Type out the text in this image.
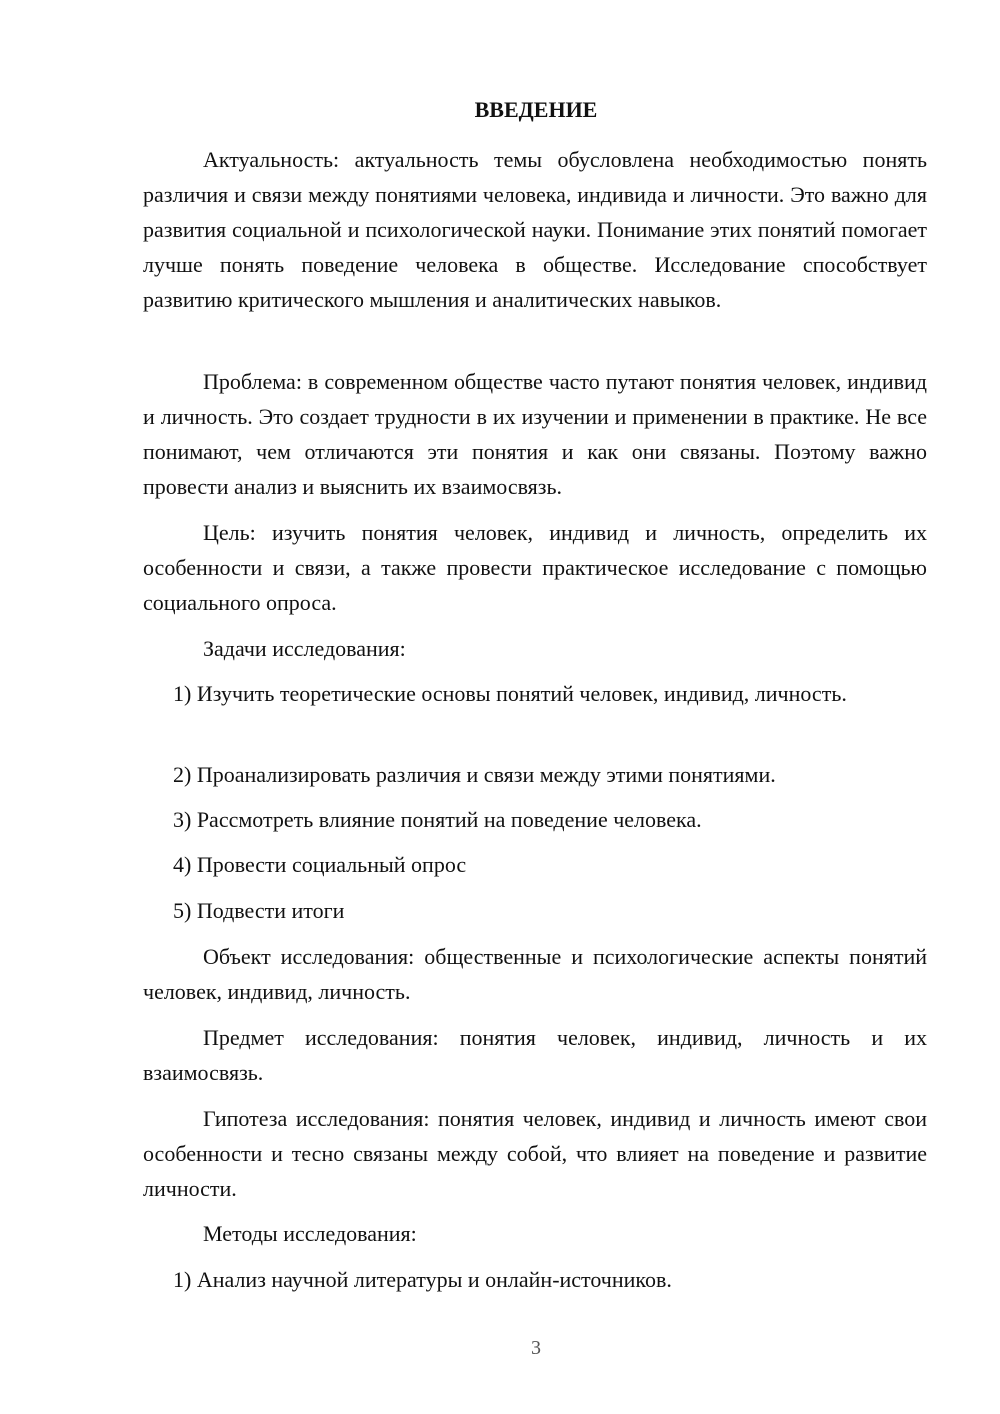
ВВЕДЕНИЕ

Актуальность: актуальность темы обусловлена необходимостью понять различия и связи между понятиями человека, индивида и личности. Это важно для развития социальной и психологической науки. Понимание этих понятий помогает лучше понять поведение человека в обществе. Исследование способствует развитию критического мышления и аналитических навыков.

Проблема: в современном обществе часто путают понятия человек, индивид и личность. Это создает трудности в их изучении и применении в практике. Не все понимают, чем отличаются эти понятия и как они связаны. Поэтому важно провести анализ и выяснить их взаимосвязь.

Цель: изучить понятия человек, индивид и личность, определить их особенности и связи, а также провести практическое исследование с помощью социального опроса.

Задачи исследования:

1) Изучить теоретические основы понятий человек, индивид, личность.

2) Проанализировать различия и связи между этими понятиями.

3) Рассмотреть влияние понятий на поведение человека.

4) Провести социальный опрос

5) Подвести итоги

Объект исследования: общественные и психологические аспекты понятий человек, индивид, личность.

Предмет исследования: понятия человек, индивид, личность и их взаимосвязь.

Гипотеза исследования: понятия человек, индивид и личность имеют свои особенности и тесно связаны между собой, что влияет на поведение и развитие личности.

Методы исследования:

1) Анализ научной литературы и онлайн-источников.

3
